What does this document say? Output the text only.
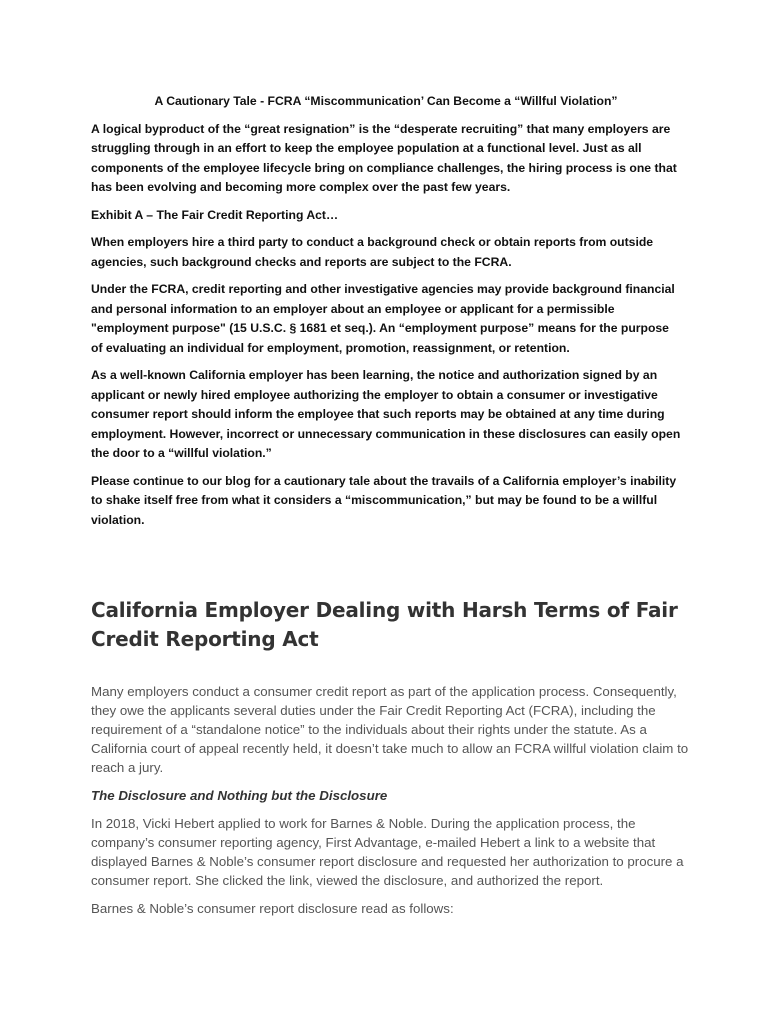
A Cautionary Tale - FCRA “Miscommunication’ Can Become a “Willful Violation”

A logical byproduct of the “great resignation” is the “desperate recruiting” that many employers are struggling through in an effort to keep the employee population at a functional level. Just as all components of the employee lifecycle bring on compliance challenges, the hiring process is one that has been evolving and becoming more complex over the past few years.

Exhibit A – The Fair Credit Reporting Act…

When employers hire a third party to conduct a background check or obtain reports from outside agencies, such background checks and reports are subject to the FCRA.

Under the FCRA, credit reporting and other investigative agencies may provide background financial and personal information to an employer about an employee or applicant for a permissible "employment purpose" (15 U.S.C. § 1681 et seq.). An “employment purpose” means for the purpose of evaluating an individual for employment, promotion, reassignment, or retention.

As a well-known California employer has been learning, the notice and authorization signed by an applicant or newly hired employee authorizing the employer to obtain a consumer or investigative consumer report should inform the employee that such reports may be obtained at any time during employment. However, incorrect or unnecessary communication in these disclosures can easily open the door to a “willful violation.”

Please continue to our blog for a cautionary tale about the travails of a California employer’s inability to shake itself free from what it considers a “miscommunication,” but may be found to be a willful violation.

California Employer Dealing with Harsh Terms of Fair Credit Reporting Act

Many employers conduct a consumer credit report as part of the application process. Consequently, they owe the applicants several duties under the Fair Credit Reporting Act (FCRA), including the requirement of a “standalone notice” to the individuals about their rights under the statute. As a California court of appeal recently held, it doesn’t take much to allow an FCRA willful violation claim to reach a jury.

The Disclosure and Nothing but the Disclosure

In 2018, Vicki Hebert applied to work for Barnes & Noble. During the application process, the company’s consumer reporting agency, First Advantage, e-mailed Hebert a link to a website that displayed Barnes & Noble’s consumer report disclosure and requested her authorization to procure a consumer report. She clicked the link, viewed the disclosure, and authorized the report.

Barnes & Noble’s consumer report disclosure read as follows:
